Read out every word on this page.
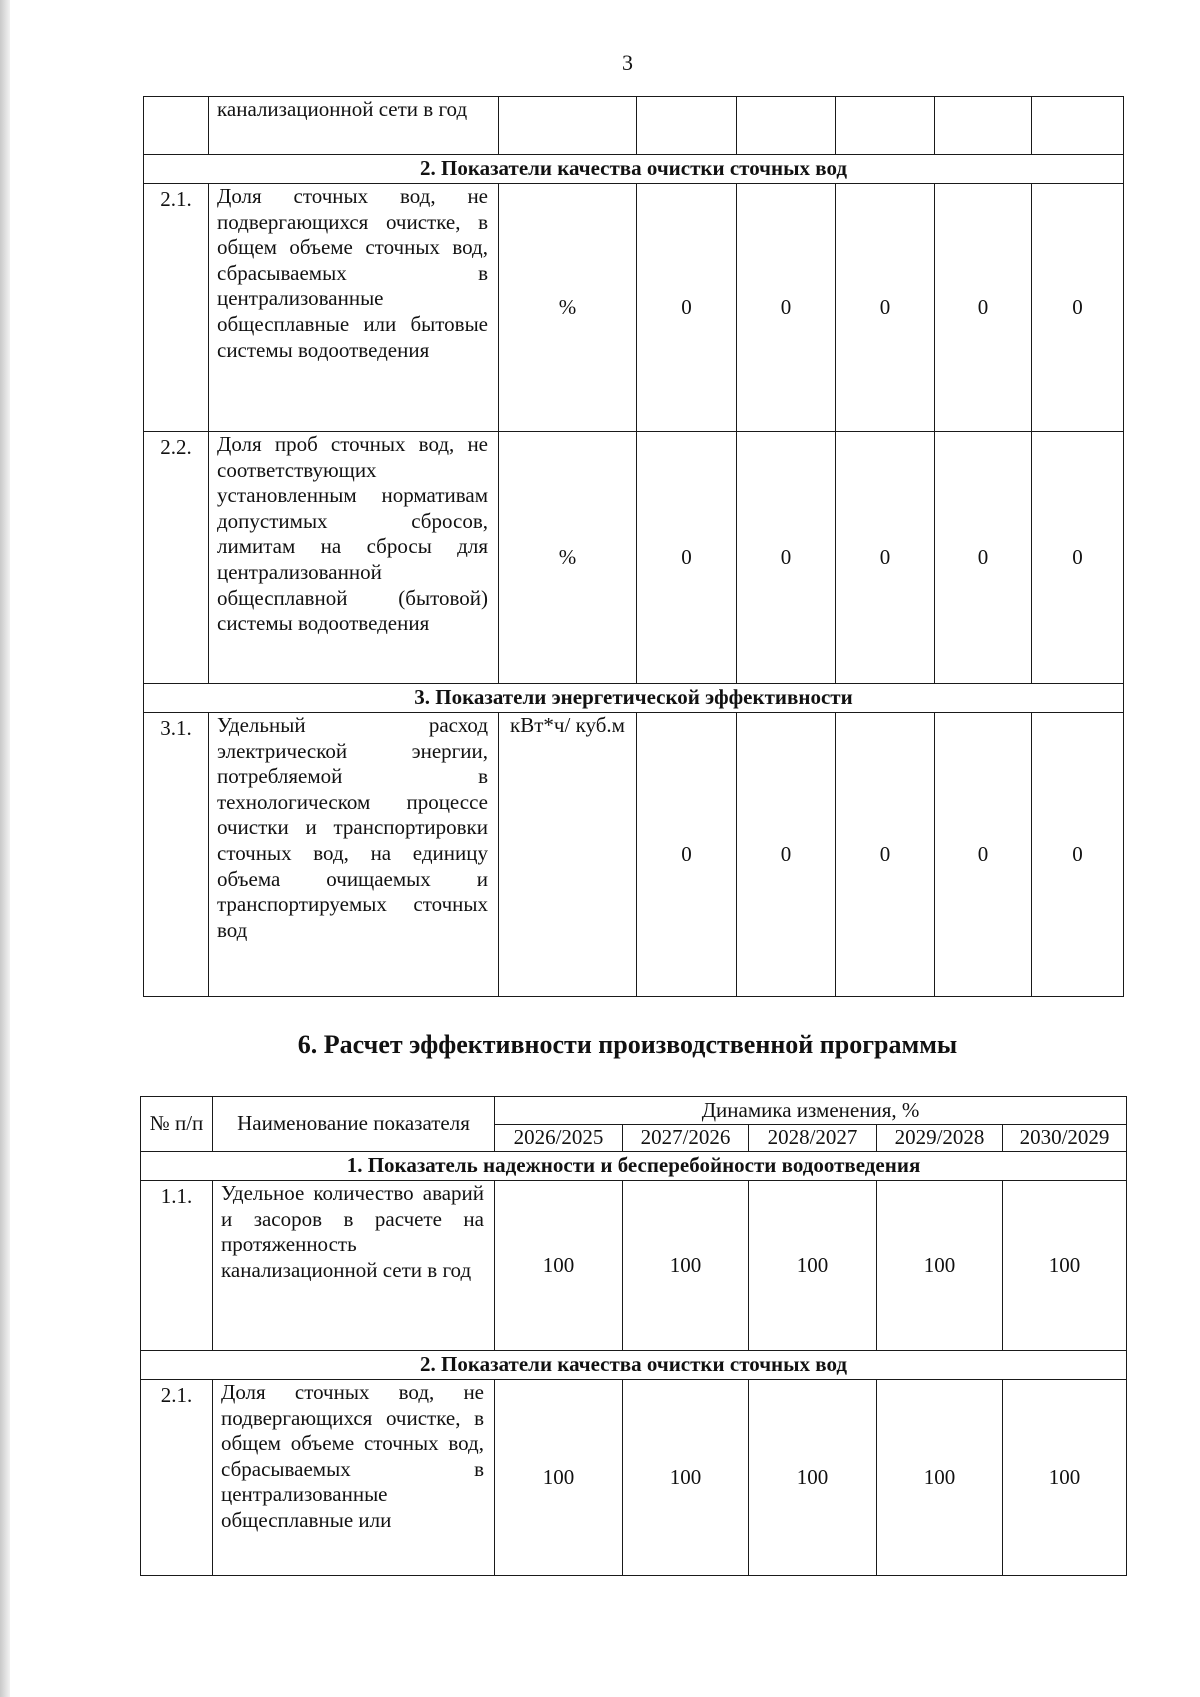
3
	канализационной сети в год						
2. Показатели качества очистки сточных вод							
2.1.	Доля сточных вод, не подвергающихся очистке, в общем объеме сточных вод, сбрасываемых в централизованные общесплавные или бытовые системы водоотведения	%	0	0	0	0	0
2.2.	Доля проб сточных вод, не соответствующих установленным нормативам допустимых сбросов, лимитам на сбросы для централизованной общесплавной (бытовой) системы водоотведения	%	0	0	0	0	0
3. Показатели энергетической эффективности							
3.1.	Удельный расход электрической энергии, потребляемой в технологическом процессе очистки и транспортировки сточных вод, на единицу объема очищаемых и транспортируемых сточных вод	кВт*ч/ куб.м	0	0	0	0	0
6. Расчет эффективности производственной программы
№ п/п	Наименование показателя	Динамика изменения, %				
		2026/2025	2027/2026	2028/2027	2029/2028	2030/2029
1. Показатель надежности и бесперебойности водоотведения						
1.1.	Удельное количество аварий и засоров в расчете на протяженность канализационной сети в год	100	100	100	100	100
2. Показатели качества очистки сточных вод						
2.1.	Доля сточных вод, не подвергающихся очистке, в общем объеме сточных вод, сбрасываемых в централизованные общесплавные или	100	100	100	100	100
